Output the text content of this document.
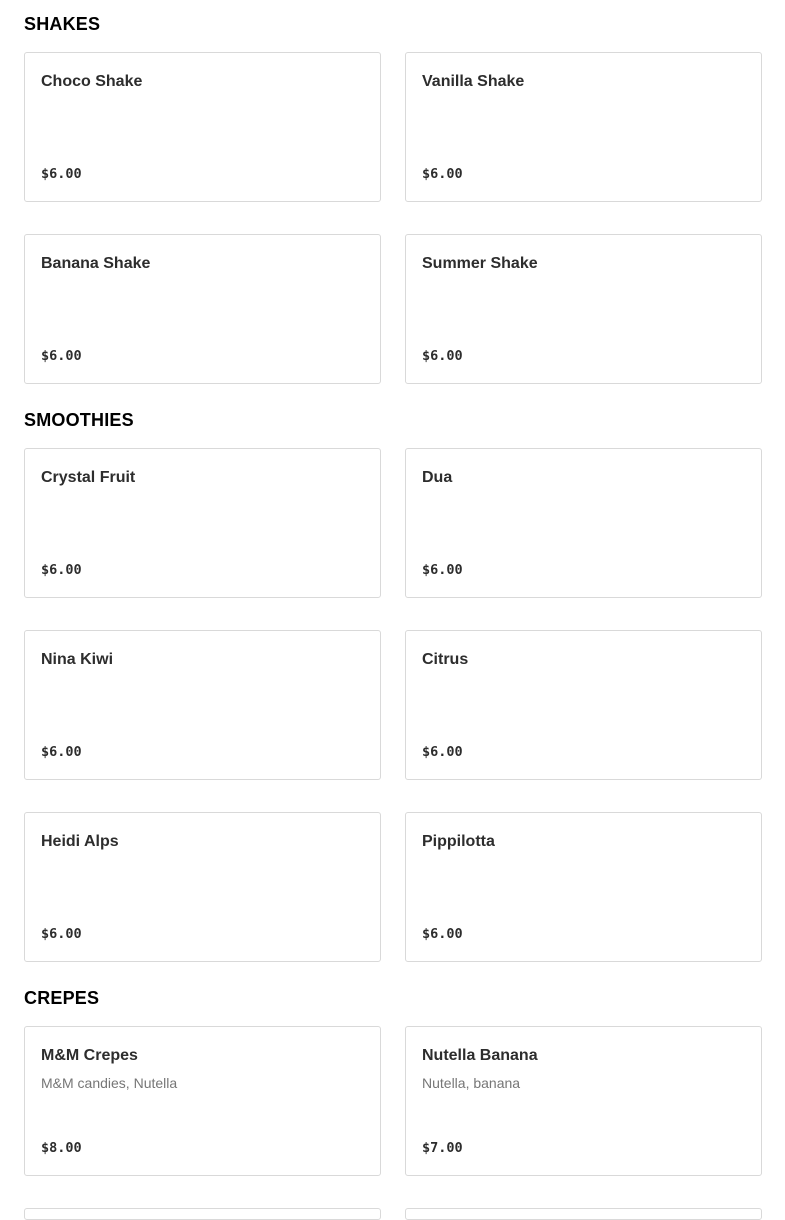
SHAKES
Choco Shake
$6.00
Vanilla Shake
$6.00
Banana Shake
$6.00
Summer Shake
$6.00
SMOOTHIES
Crystal Fruit
$6.00
Dua
$6.00
Nina Kiwi
$6.00
Citrus
$6.00
Heidi Alps
$6.00
Pippilotta
$6.00
CREPES
M&M Crepes
M&M candies, Nutella
$8.00
Nutella Banana
Nutella, banana
$7.00
